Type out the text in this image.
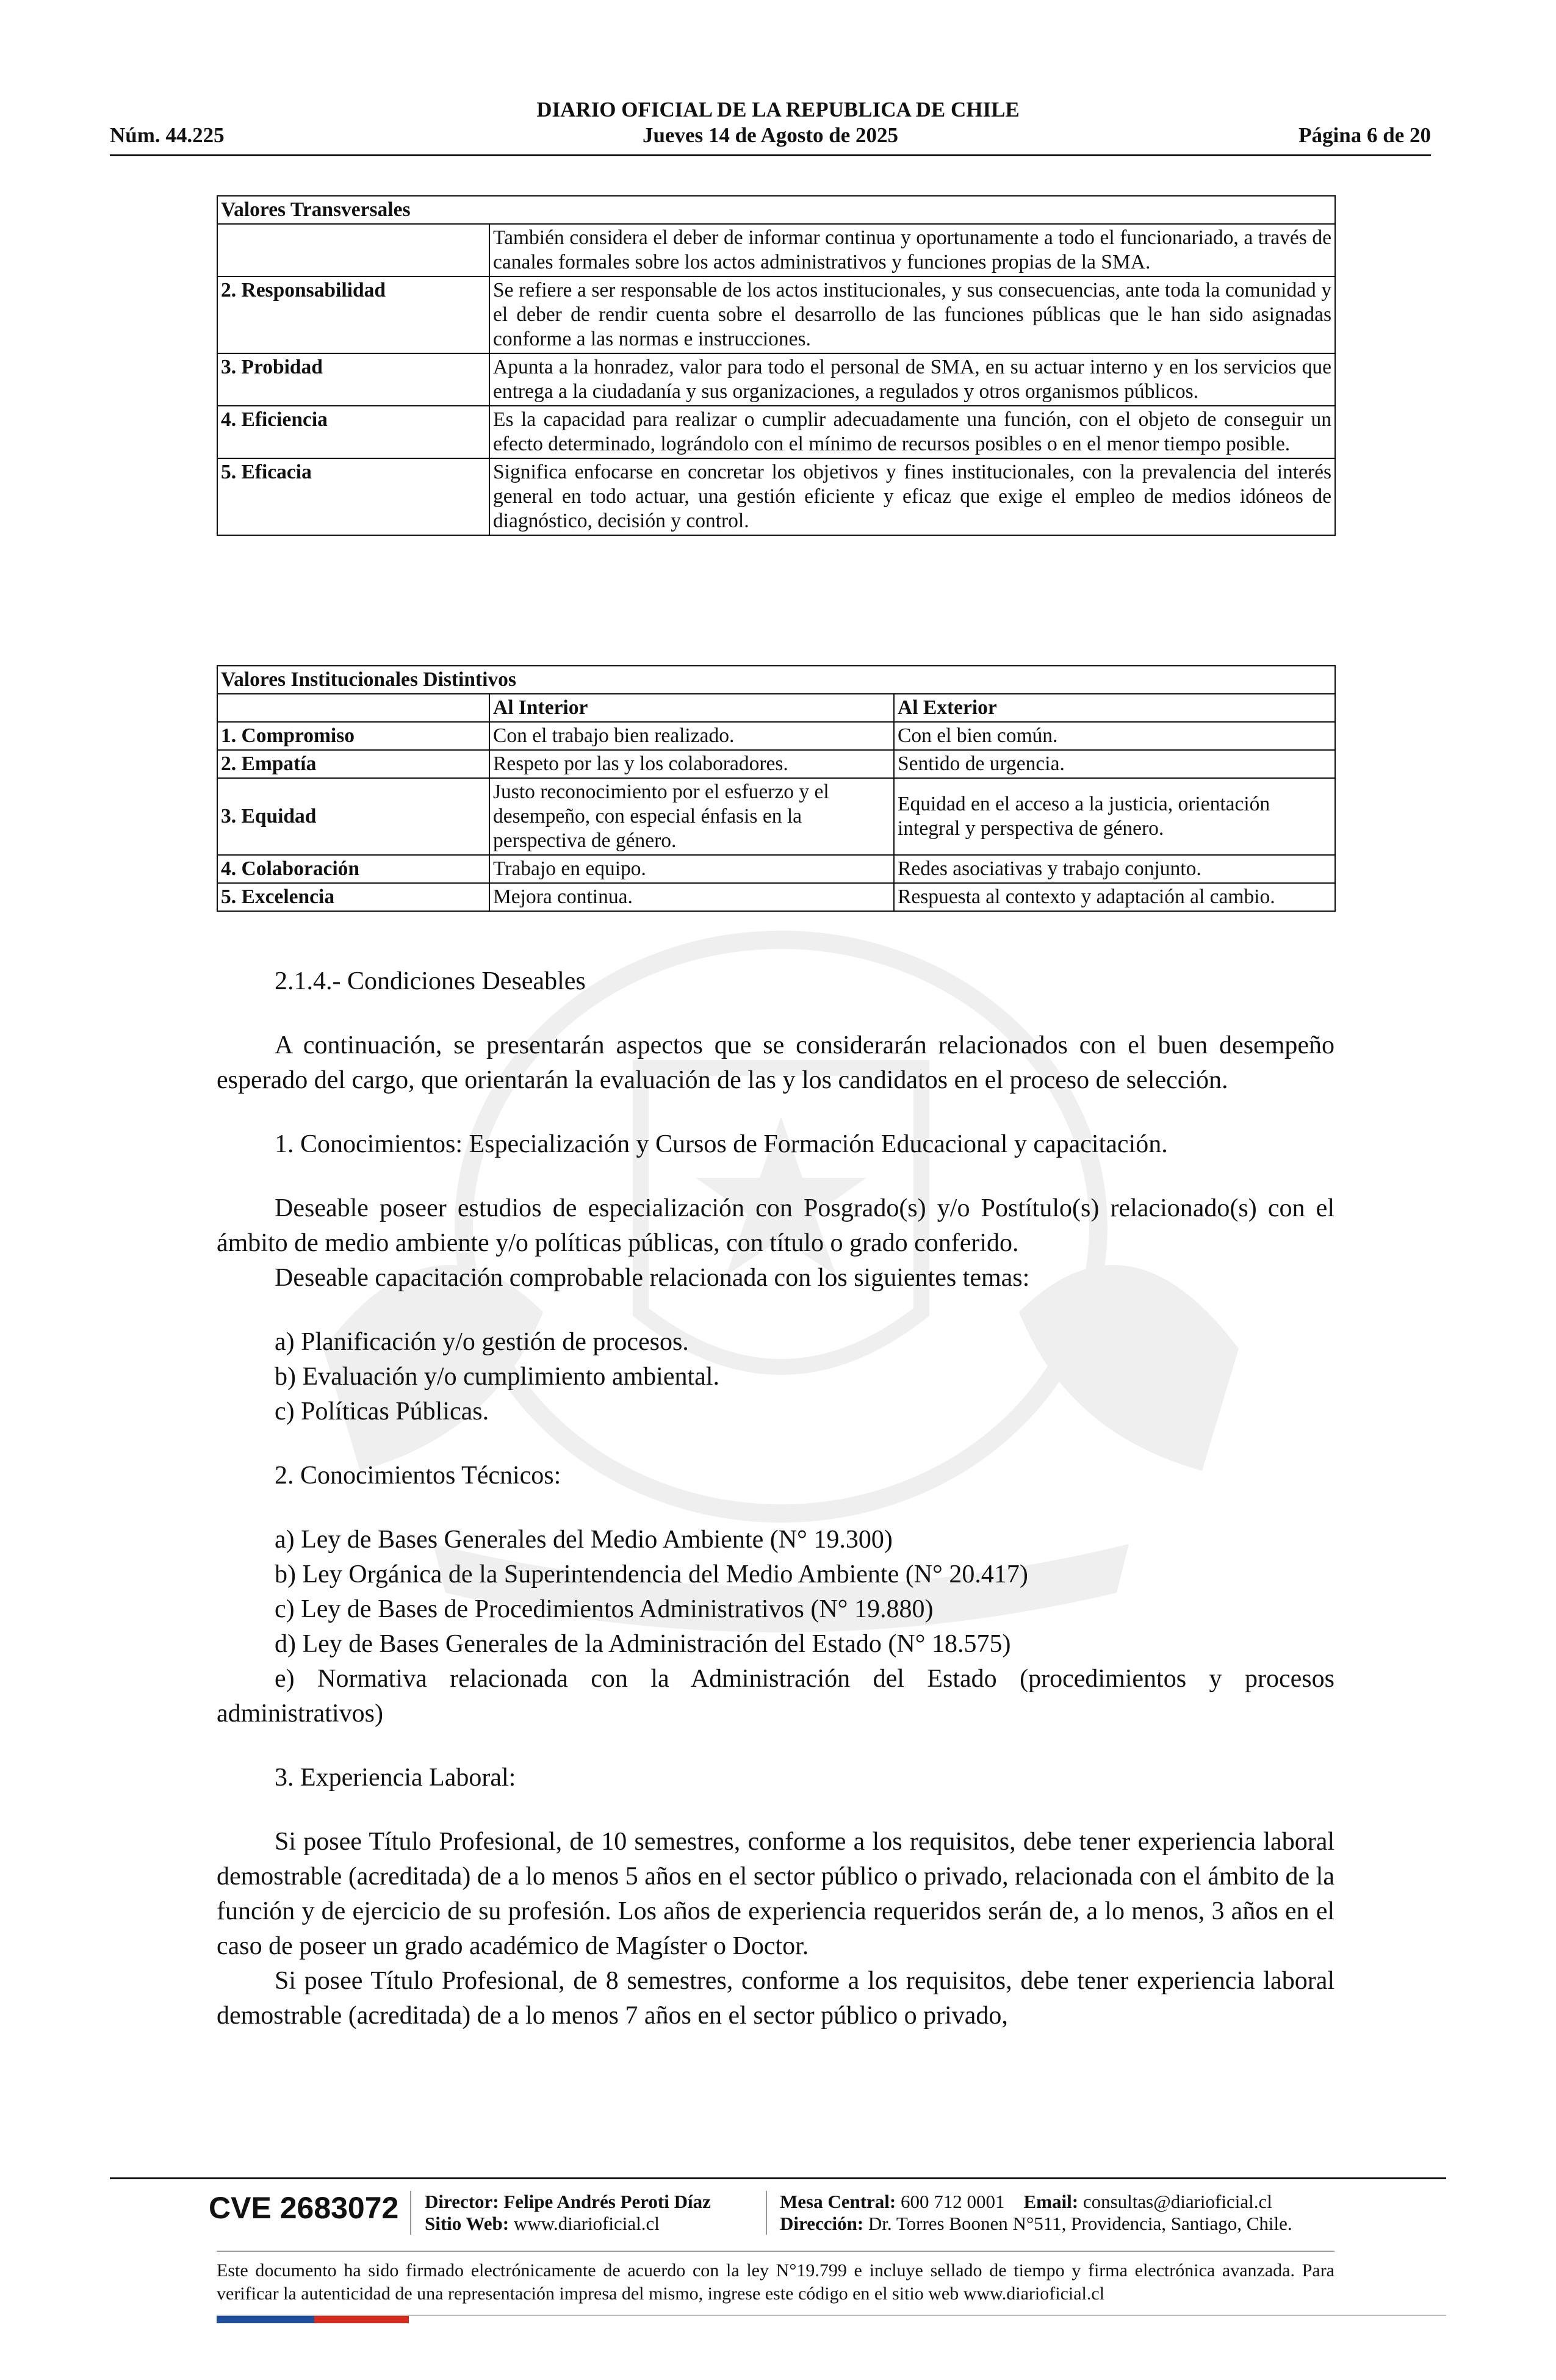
DIARIO OFICIAL DE LA REPUBLICA DE CHILE
Núm. 44.225	Jueves 14 de Agosto de 2025	Página 6 de 20
Valores Transversales	
	También considera el deber de informar continua y oportunamente a todo el funcionariado, a través de canales formales sobre los actos administrativos y funciones propias de la SMA.
2. Responsabilidad	Se refiere a ser responsable de los actos institucionales, y sus consecuencias, ante toda la comunidad y el deber de rendir cuenta sobre el desarrollo de las funciones públicas que le han sido asignadas conforme a las normas e instrucciones.
3. Probidad	Apunta a la honradez, valor para todo el personal de SMA, en su actuar interno y en los servicios que entrega a la ciudadanía y sus organizaciones, a regulados y otros organismos públicos.
4. Eficiencia	Es la capacidad para realizar o cumplir adecuadamente una función, con el objeto de conseguir un efecto determinado, lográndolo con el mínimo de recursos posibles o en el menor tiempo posible.
5. Eficacia	Significa enfocarse en concretar los objetivos y fines institucionales, con la prevalencia del interés general en todo actuar, una gestión eficiente y eficaz que exige el empleo de medios idóneos de diagnóstico, decisión y control.
Valores Institucionales Distintivos		
	Al Interior	Al Exterior
1. Compromiso	Con el trabajo bien realizado.	Con el bien común.
2. Empatía	Respeto por las y los colaboradores.	Sentido de urgencia.
3. Equidad	Justo reconocimiento por el esfuerzo y el desempeño, con especial énfasis en la perspectiva de género.	Equidad en el acceso a la justicia, orientación integral y perspectiva de género.
4. Colaboración	Trabajo en equipo.	Redes asociativas y trabajo conjunto.
5. Excelencia	Mejora continua.	Respuesta al contexto y adaptación al cambio.

2.1.4.- Condiciones Deseables

A continuación, se presentarán aspectos que se considerarán relacionados con el buen desempeño esperado del cargo, que orientarán la evaluación de las y los candidatos en el proceso de selección.

1. Conocimientos: Especialización y Cursos de Formación Educacional y capacitación.

Deseable poseer estudios de especialización con Posgrado(s) y/o Postítulo(s) relacionado(s) con el ámbito de medio ambiente y/o políticas públicas, con título o grado conferido.

Deseable capacitación comprobable relacionada con los siguientes temas:

a) Planificación y/o gestión de procesos.

b) Evaluación y/o cumplimiento ambiental.

c) Políticas Públicas.

2. Conocimientos Técnicos:

a) Ley de Bases Generales del Medio Ambiente (N° 19.300)

b) Ley Orgánica de la Superintendencia del Medio Ambiente (N° 20.417)

c) Ley de Bases de Procedimientos Administrativos (N° 19.880)

d) Ley de Bases Generales de la Administración del Estado (N° 18.575)

e) Normativa relacionada con la Administración del Estado (procedimientos y procesos administrativos)

3. Experiencia Laboral:

Si posee Título Profesional, de 10 semestres, conforme a los requisitos, debe tener experiencia laboral demostrable (acreditada) de a lo menos 5 años en el sector público o privado, relacionada con el ámbito de la función y de ejercicio de su profesión. Los años de experiencia requeridos serán de, a lo menos, 3 años en el caso de poseer un grado académico de Magíster o Doctor.

Si posee Título Profesional, de 8 semestres, conforme a los requisitos, debe tener experiencia laboral demostrable (acreditada) de a lo menos 7 años en el sector público o privado,

CVE 2683072 Director: Felipe Andrés Peroti Díaz
Sitio Web: www.diarioficial.cl
Mesa Central: 600 712 0001 Email: consultas@diarioficial.cl
Dirección: Dr. Torres Boonen N°511, Providencia, Santiago, Chile.
Este documento ha sido firmado electrónicamente de acuerdo con la ley N°19.799 e incluye sellado de tiempo y firma electrónica avanzada. Para verificar la autenticidad de una representación impresa del mismo, ingrese este código en el sitio web www.diarioficial.cl
